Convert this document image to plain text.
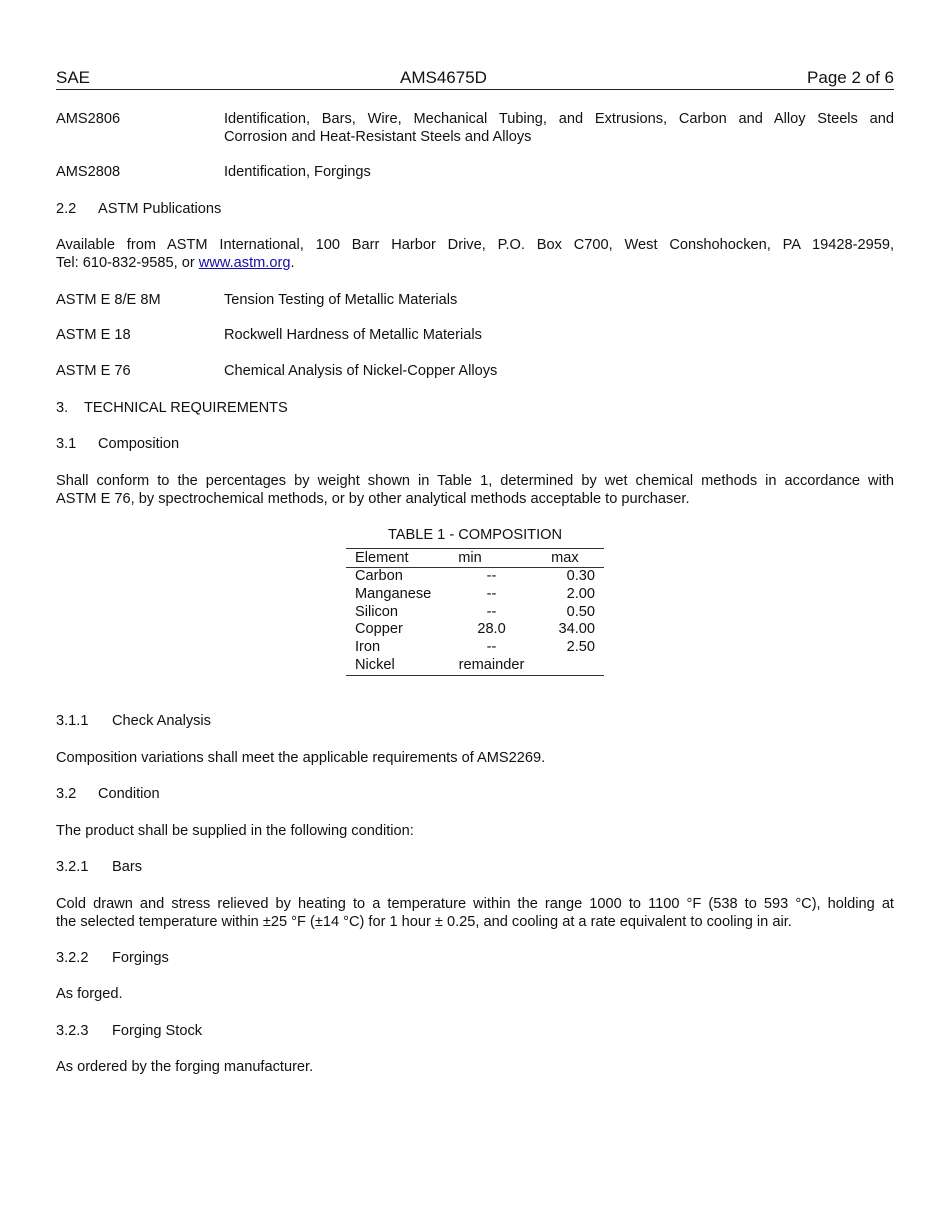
SAE	AMS4675D	Page 2 of 6
AMS2806	Identification, Bars, Wire, Mechanical Tubing, and Extrusions, Carbon and Alloy Steels and
Corrosion and Heat-Resistant Steels and Alloys
AMS2808	Identification, Forgings
2.2 ASTM Publications
Available from ASTM International, 100 Barr Harbor Drive, P.O. Box C700, West Conshohocken, PA 19428-2959,
Tel: 610-832-9585, or www.astm.org.
ASTM E 8/E 8M	Tension Testing of Metallic Materials
ASTM E 18	Rockwell Hardness of Metallic Materials
ASTM E 76	Chemical Analysis of Nickel-Copper Alloys
3. TECHNICAL REQUIREMENTS
3.1 Composition
Shall conform to the percentages by weight shown in Table 1, determined by wet chemical methods in accordance with
ASTM E 76, by spectrochemical methods, or by other analytical methods acceptable to purchaser.
TABLE 1 - COMPOSITION
Element	min	max
Carbon	--	0.30
Manganese	--	2.00
Silicon	--	0.50
Copper	28.0	34.00
Iron	--	2.50
Nickel	remainder	
3.1.1 Check Analysis
Composition variations shall meet the applicable requirements of AMS2269.
3.2 Condition
The product shall be supplied in the following condition:
3.2.1 Bars
Cold drawn and stress relieved by heating to a temperature within the range 1000 to 1100 °F (538 to 593 °C), holding at
the selected temperature within ±25 °F (±14 °C) for 1 hour ± 0.25, and cooling at a rate equivalent to cooling in air.
3.2.2 Forgings
As forged.
3.2.3 Forging Stock
As ordered by the forging manufacturer.
